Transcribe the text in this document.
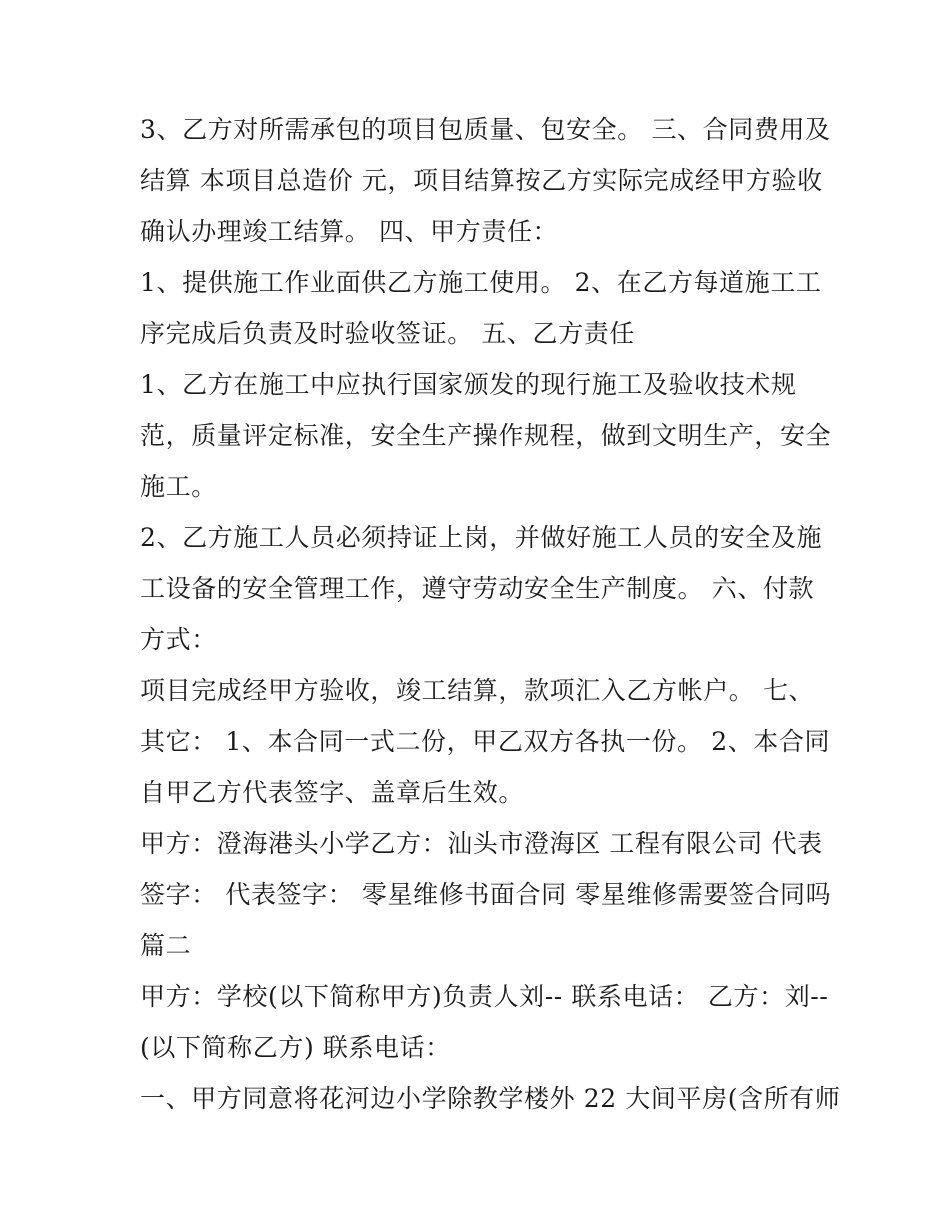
3、乙方对所需承包的项目包质量、包安全。 三、合同费用及
结算 本项目总造价 元，项目结算按乙方实际完成经甲方验收
确认办理竣工结算。 四、甲方责任：
1、提供施工作业面供乙方施工使用。 2、在乙方每道施工工
序完成后负责及时验收签证。 五、乙方责任
1、乙方在施工中应执行国家颁发的现行施工及验收技术规
范，质量评定标准，安全生产操作规程，做到文明生产，安全
施工。
2、乙方施工人员必须持证上岗，并做好施工人员的安全及施
工设备的安全管理工作，遵守劳动安全生产制度。 六、付款
方式：
项目完成经甲方验收，竣工结算，款项汇入乙方帐户。 七、
其它： 1、本合同一式二份，甲乙双方各执一份。 2、本合同
自甲乙方代表签字、盖章后生效。
甲方：澄海港头小学乙方：汕头市澄海区 工程有限公司 代表
签字： 代表签字： 零星维修书面合同 零星维修需要签合同吗
篇二
甲方：学校(以下简称甲方)负责人刘-- 联系电话： 乙方：刘--
(以下简称乙方) 联系电话：
一、甲方同意将花河边小学除教学楼外 22 大间平房(含所有师
